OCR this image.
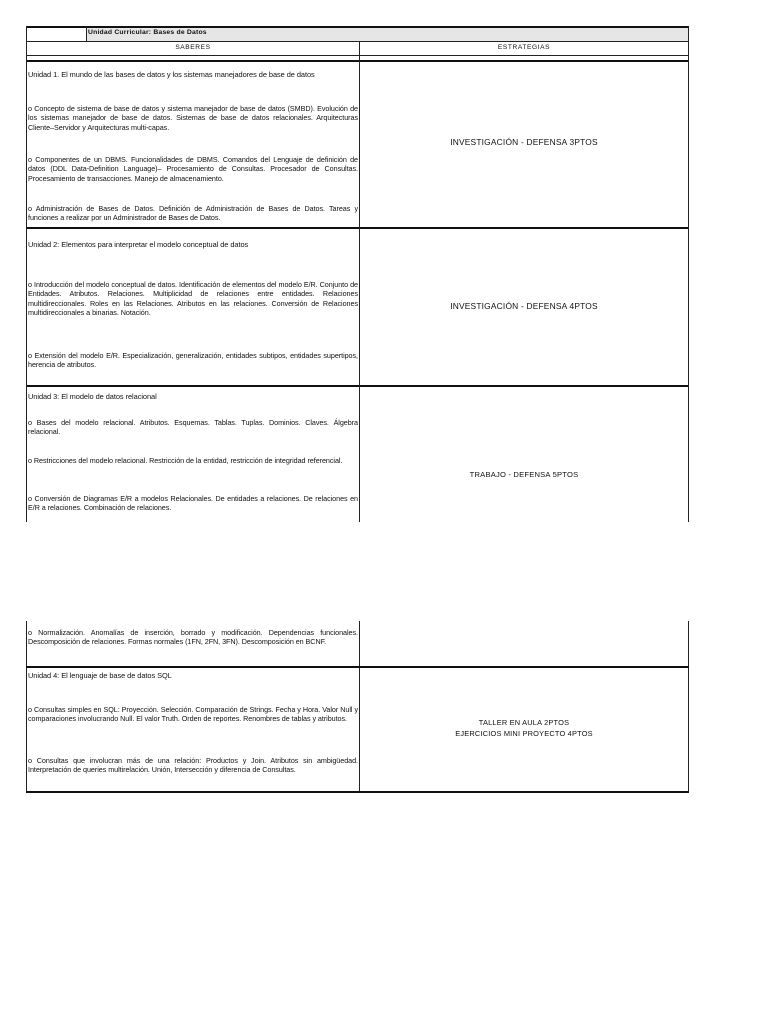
Unidad Curricular: Bases de Datos
SABERES	ESTRATEGIAS
Unidad 1. El mundo de las bases de datos y los sistemas manejadores de base de datos
o Concepto de sistema de base de datos y sistema manejador de base de datos (SMBD). Evolución de los sistemas manejador de base de datos. Sistemas de base de datos relacionales. Arquitecturas Cliente–Servidor y Arquitecturas multi-capas.
o Componentes de un DBMS. Funcionalidades de DBMS. Comandos del Lenguaje de definición de datos (DDL Data-Definition Language)– Procesamiento de Consultas. Procesador de Consultas. Procesamiento de transacciones. Manejo de almacenamiento.
o Administración de Bases de Datos. Definición de Administración de Bases de Datos. Tareas y funciones a realizar por un Administrador de Bases de Datos.
INVESTIGACIÓN - DEFENSA 3PTOS
Unidad 2: Elementos para interpretar el modelo conceptual de datos
o Introducción del modelo conceptual de datos. Identificación de elementos del modelo E/R. Conjunto de Entidades. Atributos. Relaciones. Multiplicidad de relaciones entre entidades. Relaciones multidireccionales. Roles en las Relaciones. Atributos en las relaciones. Conversión de Relaciones multidireccionales a binarias. Notación.
o Extensión del modelo E/R. Especialización, generalización, entidades subtipos, entidades supertipos, herencia de atributos.
INVESTIGACIÓN - DEFENSA 4PTOS
Unidad 3: El modelo de datos relacional
o Bases del modelo relacional. Atributos. Esquemas. Tablas. Tuplas. Dominios. Claves. Álgebra relacional.
o Restricciones del modelo relacional. Restricción de la entidad, restricción de integridad referencial.
o Conversión de Diagramas E/R a modelos Relacionales. De entidades a relaciones. De relaciones en E/R a relaciones. Combinación de relaciones.
TRABAJO - DEFENSA 5PTOS
o Normalización. Anomalías de inserción, borrado y modificación. Dependencias funcionales. Descomposición de relaciones. Formas normales (1FN, 2FN, 3FN). Descomposición en BCNF.
Unidad 4: El lenguaje de base de datos SQL
o Consultas simples en SQL: Proyección. Selección. Comparación de Strings. Fecha y Hora. Valor Null y comparaciones involucrando Null. El valor Truth. Orden de reportes. Renombres de tablas y atributos.
o Consultas que involucran más de una relación: Productos y Join. Atributos sin ambigüedad. Interpretación de queries multirelación. Unión, Intersección y diferencia de Consultas.
TALLER EN AULA 2PTOS
EJERCICIOS MINI PROYECTO 4PTOS
